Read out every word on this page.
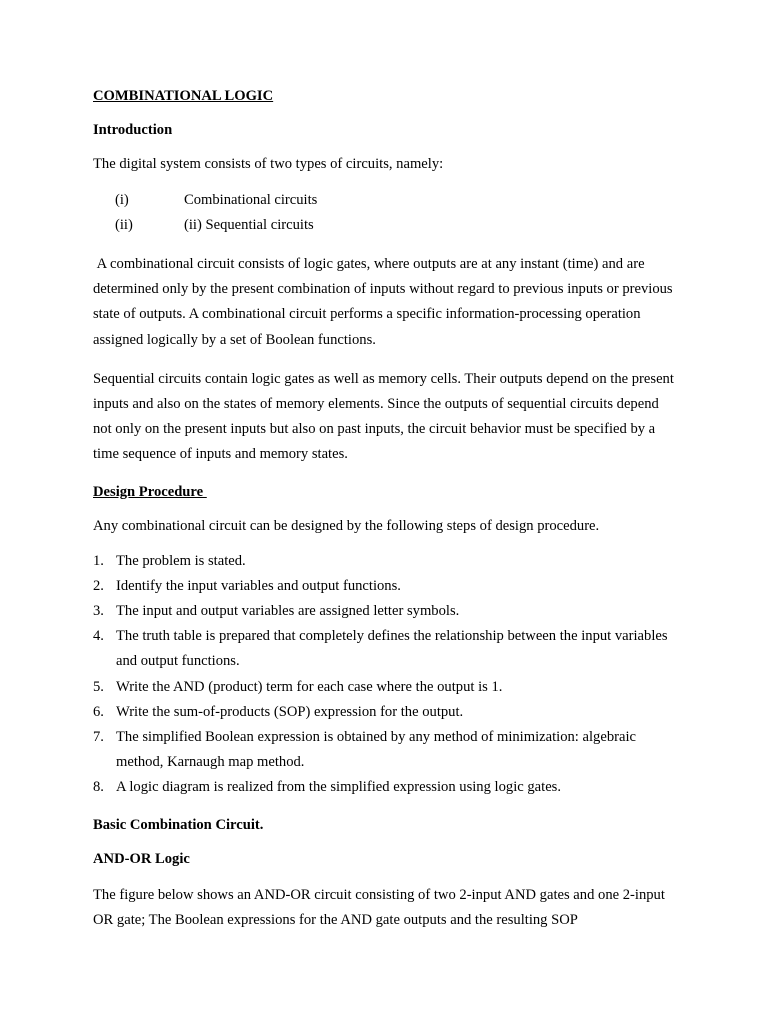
COMBINATIONAL LOGIC
Introduction

The digital system consists of two types of circuits, namely:

(i)	Combinational circuits
(ii)	(ii) Sequential circuits

A combinational circuit consists of logic gates, where outputs are at any instant (time) and are determined only by the present combination of inputs without regard to previous inputs or previous state of outputs. A combinational circuit performs a specific information-processing operation assigned logically by a set of Boolean functions.

Sequential circuits contain logic gates as well as memory cells. Their outputs depend on the present inputs and also on the states of memory elements. Since the outputs of sequential circuits depend not only on the present inputs but also on past inputs, the circuit behavior must be specified by a time sequence of inputs and memory states.

Design Procedure

Any combinational circuit can be designed by the following steps of design procedure.

1. The problem is stated.
2. Identify the input variables and output functions.
3. The input and output variables are assigned letter symbols.
4. The truth table is prepared that completely defines the relationship between the input variables and output functions.
5. Write the AND (product) term for each case where the output is 1.
6. Write the sum-of-products (SOP) expression for the output.
7. The simplified Boolean expression is obtained by any method of minimization: algebraic method, Karnaugh map method.
8. A logic diagram is realized from the simplified expression using logic gates.
Basic Combination Circuit.
AND-OR Logic

The figure below shows an AND-OR circuit consisting of two 2-input AND gates and one 2-input OR gate; The Boolean expressions for the AND gate outputs and the resulting SOP
